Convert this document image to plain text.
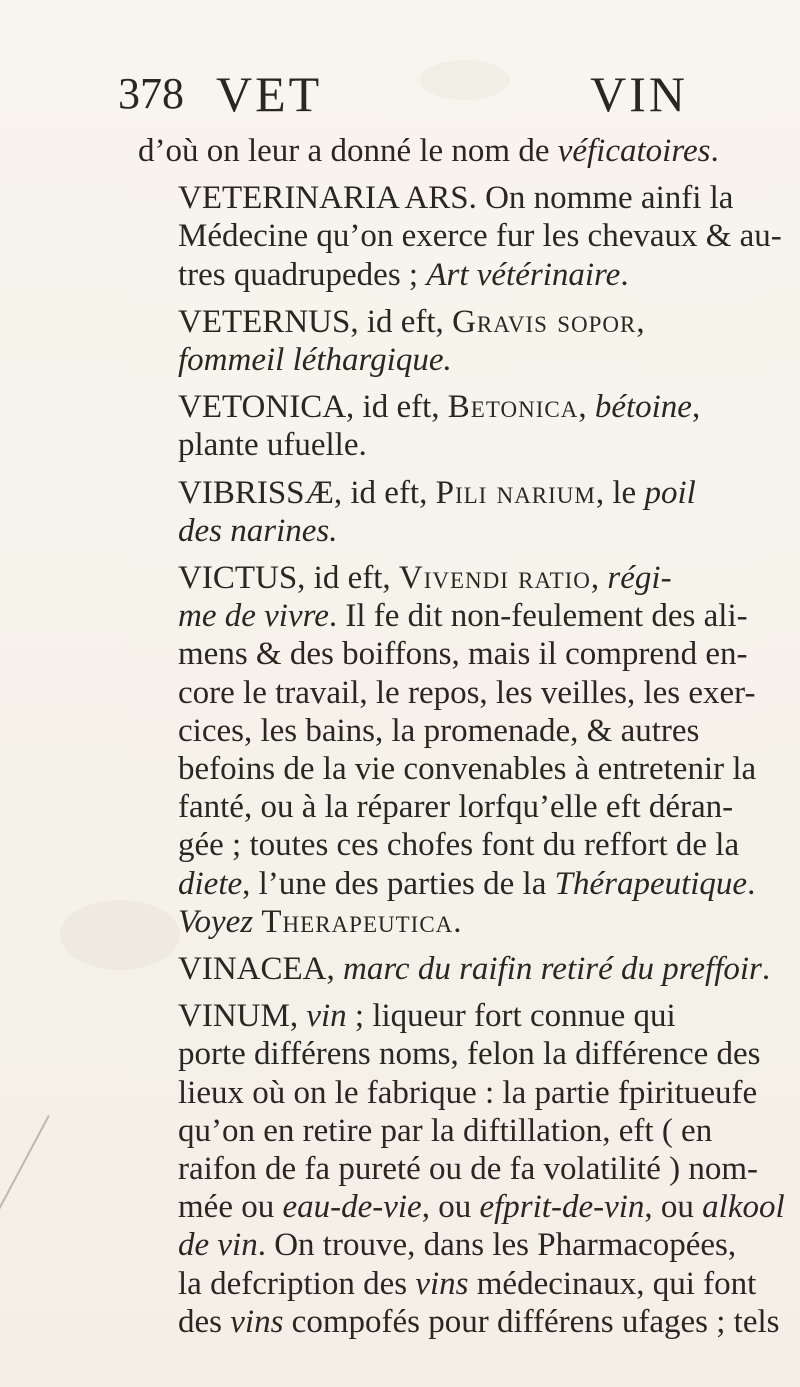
378 VET	VIN

d’où on leur a donné le nom de véficatoires.

VETERINARIA ARS. On nomme ainfi la
Médecine qu’on exerce fur les chevaux & au-
tres quadrupedes ; Art vétérinaire.

VETERNUS, id eft, Gravis sopor,
fommeil léthargique.

VETONICA, id eft, Betonica, bétoine,
plante ufuelle.

VIBRISSÆ, id eft, Pili narium, le poil
des narines.

VICTUS, id eft, Vivendi ratio, régi-
me de vivre. Il fe dit non-feulement des ali-
mens & des boiffons, mais il comprend en-
core le travail, le repos, les veilles, les exer-
cices, les bains, la promenade, & autres
befoins de la vie convenables à entretenir la
fanté, ou à la réparer lorfqu’elle eft déran-
gée ; toutes ces chofes font du reffort de la
diete, l’une des parties de la Thérapeutique.
Voyez Therapeutica.

VINACEA, marc du raifin retiré du preffoir.

VINUM, vin ; liqueur fort connue qui
porte différens noms, felon la différence des
lieux où on le fabrique : la partie fpiritueufe
qu’on en retire par la diftillation, eft ( en
raifon de fa pureté ou de fa volatilité ) nom-
mée ou eau-de-vie, ou efprit-de-vin, ou alkool
de vin. On trouve, dans les Pharmacopées,
la defcription des vins médecinaux, qui font
des vins compofés pour différens ufages ; tels
